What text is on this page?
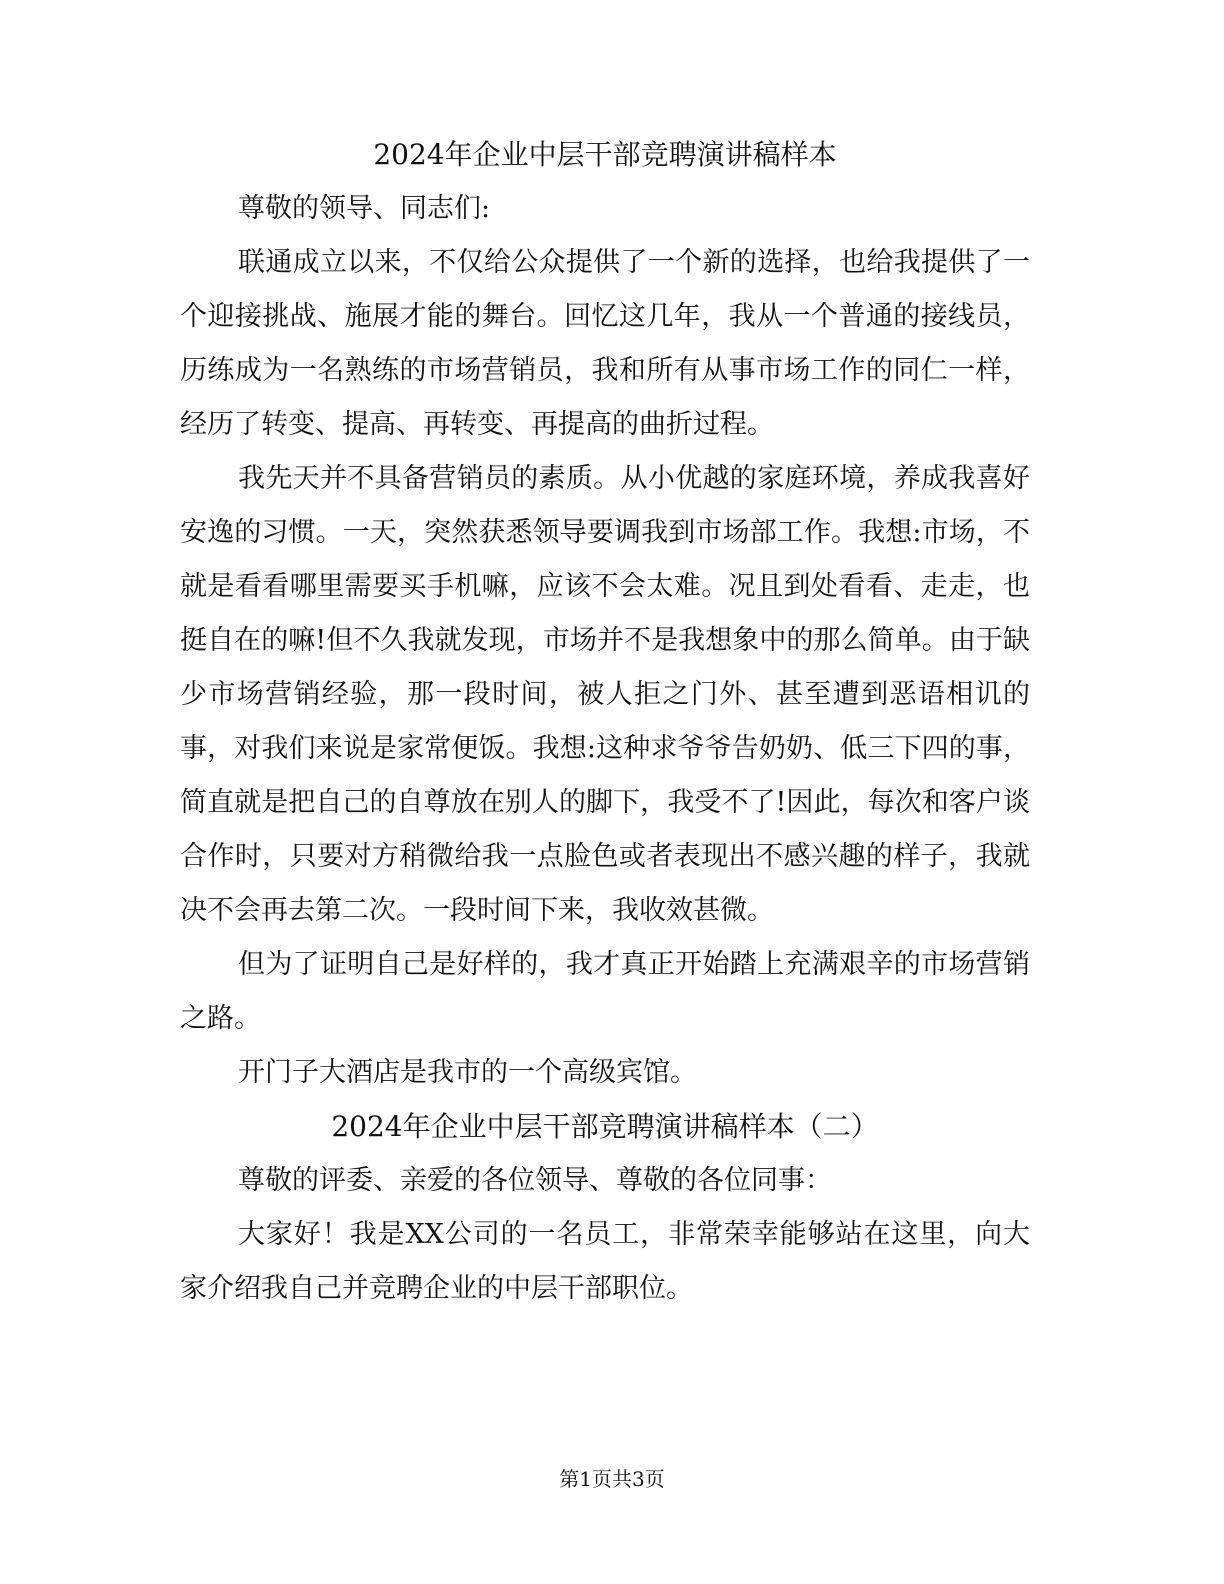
2024年企业中层干部竞聘演讲稿样本

尊敬的领导、同志们:

联通成立以来，不仅给公众提供了一个新的选择，也给我提供了一个迎接挑战、施展才能的舞台。回忆这几年，我从一个普通的接线员，历练成为一名熟练的市场营销员，我和所有从事市场工作的同仁一样，经历了转变、提高、再转变、再提高的曲折过程。

我先天并不具备营销员的素质。从小优越的家庭环境，养成我喜好安逸的习惯。一天，突然获悉领导要调我到市场部工作。我想:市场，不就是看看哪里需要买手机嘛，应该不会太难。况且到处看看、走走，也挺自在的嘛!但不久我就发现，市场并不是我想象中的那么简单。由于缺少市场营销经验，那一段时间，被人拒之门外、甚至遭到恶语相讥的事，对我们来说是家常便饭。我想:这种求爷爷告奶奶、低三下四的事，简直就是把自己的自尊放在别人的脚下，我受不了!因此，每次和客户谈合作时，只要对方稍微给我一点脸色或者表现出不感兴趣的样子，我就决不会再去第二次。一段时间下来，我收效甚微。

但为了证明自己是好样的，我才真正开始踏上充满艰辛的市场营销之路。

开门子大酒店是我市的一个高级宾馆。

2024年企业中层干部竞聘演讲稿样本（二）

尊敬的评委、亲爱的各位领导、尊敬的各位同事：

大家好！我是XX公司的一名员工，非常荣幸能够站在这里，向大家介绍我自己并竞聘企业的中层干部职位。

第1页共3页
